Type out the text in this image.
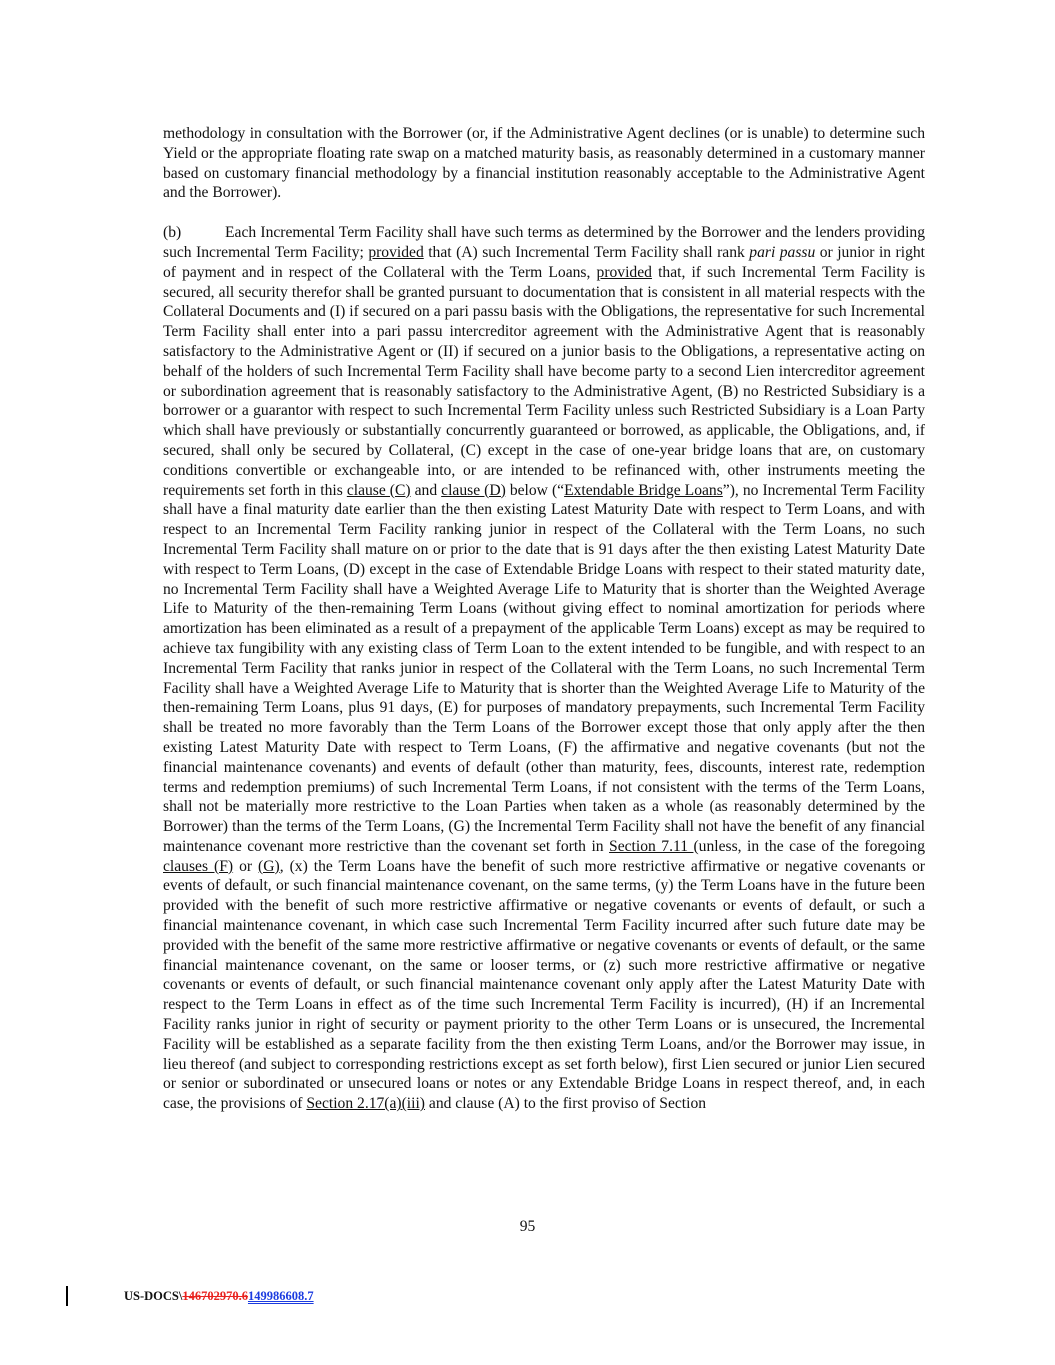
methodology in consultation with the Borrower (or, if the Administrative Agent declines (or is unable) to determine such Yield or the appropriate floating rate swap on a matched maturity basis, as reasonably determined in a customary manner based on customary financial methodology by a financial institution reasonably acceptable to the Administrative Agent and the Borrower).

(b)	Each Incremental Term Facility shall have such terms as determined by the Borrower and the lenders providing such Incremental Term Facility; provided that (A) such Incremental Term Facility shall rank pari passu or junior in right of payment and in respect of the Collateral with the Term Loans, provided that, if such Incremental Term Facility is secured, all security therefor shall be granted pursuant to documentation that is consistent in all material respects with the Collateral Documents and (I) if secured on a pari passu basis with the Obligations, the representative for such Incremental Term Facility shall enter into a pari passu intercreditor agreement with the Administrative Agent that is reasonably satisfactory to the Administrative Agent or (II) if secured on a junior basis to the Obligations, a representative acting on behalf of the holders of such Incremental Term Facility shall have become party to a second Lien intercreditor agreement or subordination agreement that is reasonably satisfactory to the Administrative Agent, (B) no Restricted Subsidiary is a borrower or a guarantor with respect to such Incremental Term Facility unless such Restricted Subsidiary is a Loan Party which shall have previously or substantially concurrently guaranteed or borrowed, as applicable, the Obligations, and, if secured, shall only be secured by Collateral, (C) except in the case of one-year bridge loans that are, on customary conditions convertible or exchangeable into, or are intended to be refinanced with, other instruments meeting the requirements set forth in this clause (C) and clause (D) below (“Extendable Bridge Loans”), no Incremental Term Facility shall have a final maturity date earlier than the then existing Latest Maturity Date with respect to Term Loans, and with respect to an Incremental Term Facility ranking junior in respect of the Collateral with the Term Loans, no such Incremental Term Facility shall mature on or prior to the date that is 91 days after the then existing Latest Maturity Date with respect to Term Loans, (D) except in the case of Extendable Bridge Loans with respect to their stated maturity date, no Incremental Term Facility shall have a Weighted Average Life to Maturity that is shorter than the Weighted Average Life to Maturity of the then-remaining Term Loans (without giving effect to nominal amortization for periods where amortization has been eliminated as a result of a prepayment of the applicable Term Loans) except as may be required to achieve tax fungibility with any existing class of Term Loan to the extent intended to be fungible, and with respect to an Incremental Term Facility that ranks junior in respect of the Collateral with the Term Loans, no such Incremental Term Facility shall have a Weighted Average Life to Maturity that is shorter than the Weighted Average Life to Maturity of the then-remaining Term Loans, plus 91 days, (E) for purposes of mandatory prepayments, such Incremental Term Facility shall be treated no more favorably than the Term Loans of the Borrower except those that only apply after the then existing Latest Maturity Date with respect to Term Loans, (F) the affirmative and negative covenants (but not the financial maintenance covenants) and events of default (other than maturity, fees, discounts, interest rate, redemption terms and redemption premiums) of such Incremental Term Loans, if not consistent with the terms of the Term Loans, shall not be materially more restrictive to the Loan Parties when taken as a whole (as reasonably determined by the Borrower) than the terms of the Term Loans, (G) the Incremental Term Facility shall not have the benefit of any financial maintenance covenant more restrictive than the covenant set forth in Section 7.11 (unless, in the case of the foregoing clauses (F) or (G), (x) the Term Loans have the benefit of such more restrictive affirmative or negative covenants or events of default, or such financial maintenance covenant, on the same terms, (y) the Term Loans have in the future been provided with the benefit of such more restrictive affirmative or negative covenants or events of default, or such a financial maintenance covenant, in which case such Incremental Term Facility incurred after such future date may be provided with the benefit of the same more restrictive affirmative or negative covenants or events of default, or the same financial maintenance covenant, on the same or looser terms, or (z) such more restrictive affirmative or negative covenants or events of default, or such financial maintenance covenant only apply after the Latest Maturity Date with respect to the Term Loans in effect as of the time such Incremental Term Facility is incurred), (H) if an Incremental Facility ranks junior in right of security or payment priority to the other Term Loans or is unsecured, the Incremental Facility will be established as a separate facility from the then existing Term Loans, and/or the Borrower may issue, in lieu thereof (and subject to corresponding restrictions except as set forth below), first Lien secured or junior Lien secured or senior or subordinated or unsecured loans or notes or any Extendable Bridge Loans in respect thereof, and, in each case, the provisions of Section 2.17(a)(iii) and clause (A) to the first proviso of Section

95
US-DOCS\146702970.6149986608.7
